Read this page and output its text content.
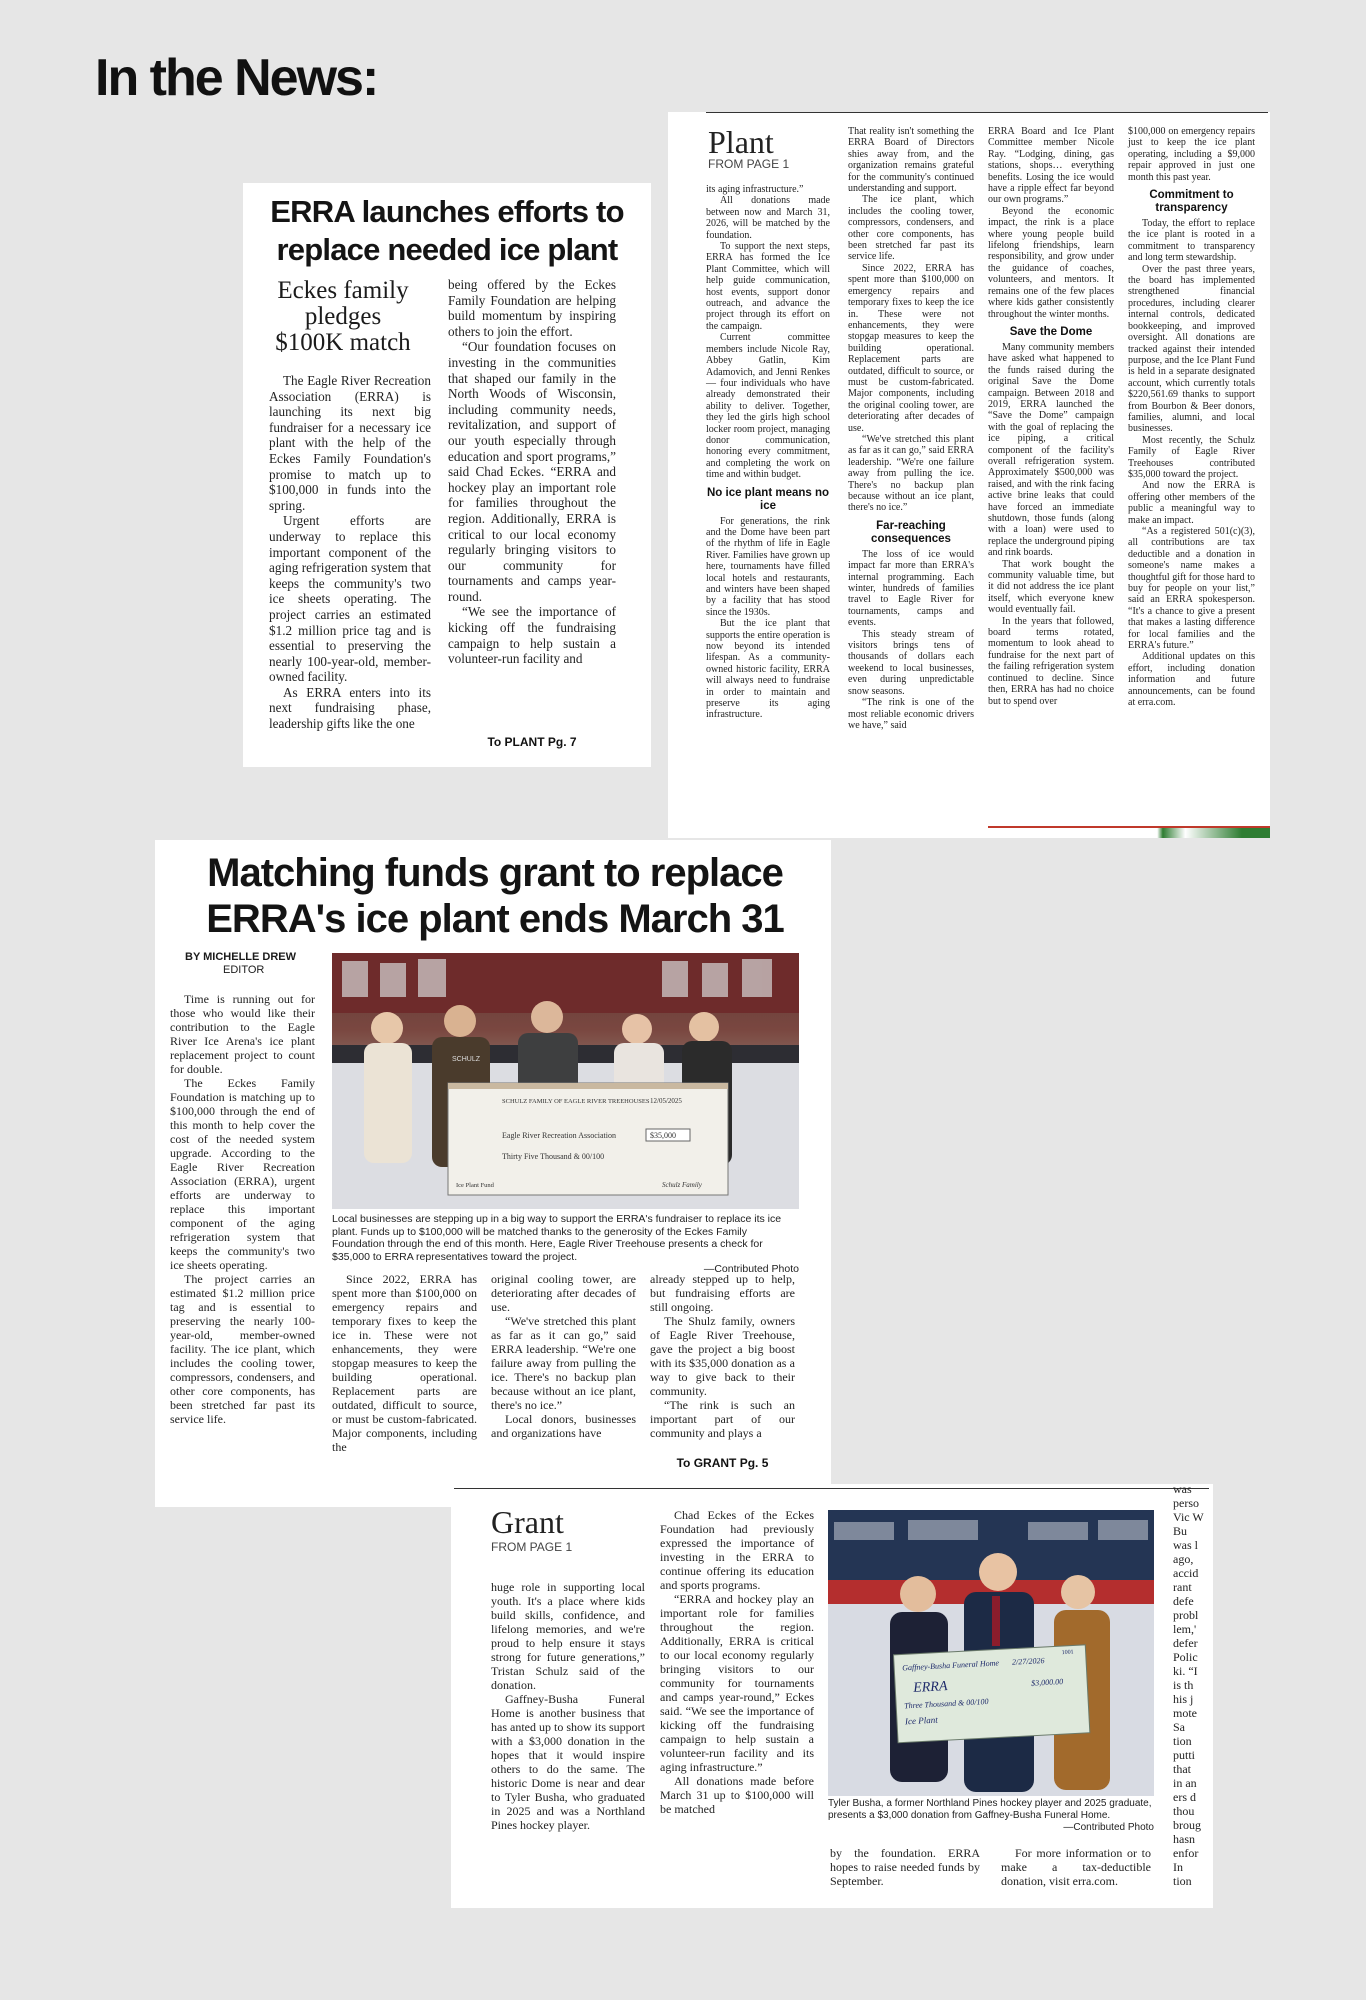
In the News:
ERRA launches efforts to replace needed ice plant
Eckes family pledges $100K match

The Eagle River Recreation Association (ERRA) is launching its next big fundraiser for a necessary ice plant with the help of the Eckes Family Foundation's promise to match up to $100,000 in funds into the spring.

Urgent efforts are underway to replace this important component of the aging refrigeration system that keeps the community's two ice sheets operating. The project carries an estimated $1.2 million price tag and is essential to preserving the nearly 100-year-old, member-owned facility.

As ERRA enters into its next fundraising phase, leadership gifts like the one

being offered by the Eckes Family Foundation are helping build momentum by inspiring others to join the effort.

“Our foundation focuses on investing in the communities that shaped our family in the North Woods of Wisconsin, including community needs, revitalization, and support of our youth especially through education and sport programs,” said Chad Eckes. “ERRA and hockey play an important role for families throughout the region. Additionally, ERRA is critical to our local economy regularly bringing visitors to our community for tournaments and camps year-round.

“We see the importance of kicking off the fundraising campaign to help sustain a volunteer-run facility and

To PLANT Pg. 7
Plant
FROM PAGE 1

its aging infrastructure.”

All donations made between now and March 31, 2026, will be matched by the foundation.

To support the next steps, ERRA has formed the Ice Plant Committee, which will help guide communication, host events, support donor outreach, and advance the project through its effort on the campaign.

Current committee members include Nicole Ray, Abbey Gatlin, Kim Adamovich, and Jenni Renkes — four individuals who have already demonstrated their ability to deliver. Together, they led the girls high school locker room project, managing donor communication, honoring every commitment, and completing the work on time and within budget.

No ice plant means no ice

For generations, the rink and the Dome have been part of the rhythm of life in Eagle River. Families have grown up here, tournaments have filled local hotels and restaurants, and winters have been shaped by a facility that has stood since the 1930s.

But the ice plant that supports the entire operation is now beyond its intended lifespan. As a community-owned historic facility, ERRA will always need to fundraise in order to maintain and preserve its aging infrastructure.

That reality isn't something the ERRA Board of Directors shies away from, and the organization remains grateful for the community's continued understanding and support.

The ice plant, which includes the cooling tower, compressors, condensers, and other core components, has been stretched far past its service life.

Since 2022, ERRA has spent more than $100,000 on emergency repairs and temporary fixes to keep the ice in. These were not enhancements, they were stopgap measures to keep the building operational. Replacement parts are outdated, difficult to source, or must be custom-fabricated. Major components, including the original cooling tower, are deteriorating after decades of use.

“We've stretched this plant as far as it can go,” said ERRA leadership. “We're one failure away from pulling the ice. There's no backup plan because without an ice plant, there's no ice.”

Far-reaching consequences

The loss of ice would impact far more than ERRA's internal programming. Each winter, hundreds of families travel to Eagle River for tournaments, camps and events.

This steady stream of visitors brings tens of thousands of dollars each weekend to local businesses, even during unpredictable snow seasons.

“The rink is one of the most reliable economic drivers we have,” said

ERRA Board and Ice Plant Committee member Nicole Ray. “Lodging, dining, gas stations, shops… everything benefits. Losing the ice would have a ripple effect far beyond our own programs.”

Beyond the economic impact, the rink is a place where young people build lifelong friendships, learn responsibility, and grow under the guidance of coaches, volunteers, and mentors. It remains one of the few places where kids gather consistently throughout the winter months.

Save the Dome

Many community members have asked what happened to the funds raised during the original Save the Dome campaign. Between 2018 and 2019, ERRA launched the “Save the Dome” campaign with the goal of replacing the ice piping, a critical component of the facility's overall refrigeration system. Approximately $500,000 was raised, and with the rink facing active brine leaks that could have forced an immediate shutdown, those funds (along with a loan) were used to replace the underground piping and rink boards.

That work bought the community valuable time, but it did not address the ice plant itself, which everyone knew would eventually fail.

In the years that followed, board terms rotated, momentum to look ahead to fundraise for the next part of the failing refrigeration system continued to decline. Since then, ERRA has had no choice but to spend over

$100,000 on emergency repairs just to keep the ice plant operating, including a $9,000 repair approved in just one month this past year.

Commitment to transparency

Today, the effort to replace the ice plant is rooted in a commitment to transparency and long term stewardship.

Over the past three years, the board has implemented strengthened financial procedures, including clearer internal controls, dedicated bookkeeping, and improved oversight. All donations are tracked against their intended purpose, and the Ice Plant Fund is held in a separate designated account, which currently totals $220,561.69 thanks to support from Bourbon & Beer donors, families, alumni, and local businesses.

Most recently, the Schulz Family of Eagle River Treehouses contributed $35,000 toward the project.

And now the ERRA is offering other members of the public a meaningful way to make an impact.

“As a registered 501(c)(3), all contributions are tax deductible and a donation in someone's name makes a thoughtful gift for those hard to buy for people on your list,” said an ERRA spokesperson. “It's a chance to give a present that makes a lasting difference for local families and the ERRA's future.”

Additional updates on this effort, including donation information and future announcements, can be found at erra.com.

Matching funds grant to replace ERRA's ice plant ends March 31
BY MICHELLE DREW
EDITOR

Time is running out for those who would like their contribution to the Eagle River Ice Arena's ice plant replacement project to count for double.

The Eckes Family Foundation is matching up to $100,000 through the end of this month to help cover the cost of the needed system upgrade. According to the Eagle River Recreation Association (ERRA), urgent efforts are underway to replace this important component of the aging refrigeration system that keeps the community's two ice sheets operating.

The project carries an estimated $1.2 million price tag and is essential to preserving the nearly 100-year-old, member-owned facility. The ice plant, which includes the cooling tower, compressors, condensers, and other core components, has been stretched far past its service life.

SCHULZ FAMILY OF EAGLE RIVER TREEHOUSES 12/05/2025
Eagle River Recreation Association	$35,000
Thirty Five Thousand & 00/100
Ice Plant Fund	Schulz Family
SCHULZ
Local businesses are stepping up in a big way to support the ERRA's fundraiser to replace its ice plant. Funds up to $100,000 will be matched thanks to the generosity of the Eckes Family Foundation through the end of this month. Here, Eagle River Treehouse presents a check for $35,000 to ERRA representatives toward the project.
—Contributed Photo

Since 2022, ERRA has spent more than $100,000 on emergency repairs and temporary fixes to keep the ice in. These were not enhancements, they were stopgap measures to keep the building operational. Replacement parts are outdated, difficult to source, or must be custom-fabricated. Major components, including the

original cooling tower, are deteriorating after decades of use.

“We've stretched this plant as far as it can go,” said ERRA leadership. “We're one failure away from pulling the ice. There's no backup plan because without an ice plant, there's no ice.”

Local donors, businesses and organizations have

already stepped up to help, but fundraising efforts are still ongoing.

The Shulz family, owners of Eagle River Treehouse, gave the project a big boost with its $35,000 donation as a way to give back to their community.

“The rink is such an important part of our community and plays a

To GRANT Pg. 5
Grant
FROM PAGE 1

huge role in supporting local youth. It's a place where kids build skills, confidence, and lifelong memories, and we're proud to help ensure it stays strong for future generations,” Tristan Schulz said of the donation.

Gaffney-Busha Funeral Home is another business that has anted up to show its support with a $3,000 donation in the hopes that it would inspire others to do the same. The historic Dome is near and dear to Tyler Busha, who graduated in 2025 and was a Northland Pines hockey player.

Chad Eckes of the Eckes Foundation had previously expressed the importance of investing in the ERRA to continue offering its education and sports programs.

“ERRA and hockey play an important role for families throughout the region. Additionally, ERRA is critical to our local economy regularly bringing visitors to our community for tournaments and camps year-round,” Eckes said. “We see the importance of kicking off the fundraising campaign to help sustain a volunteer-run facility and its aging infrastructure.”

All donations made before March 31 up to $100,000 will be matched

Gaffney-Busha Funeral Home 2/27/2026
1001
ERRA	$3,000.00
Three Thousand & 00/100
Ice Plant
Tyler Busha, a former Northland Pines hockey player and 2025 graduate, presents a $3,000 donation from Gaffney-Busha Funeral Home.
—Contributed Photo

by the foundation. ERRA hopes to raise needed funds by September.

For more information or to make a tax-deductible donation, visit erra.com.

was
perso
Vic W
Bu
was l
ago,
accid
rant
defe
probl
lem,'
defer
Polic
ki. “I
is th
his j
mote
Sa
tion
putti
that
in an
ers d
thou
broug
hasn
enfor
In
tion
